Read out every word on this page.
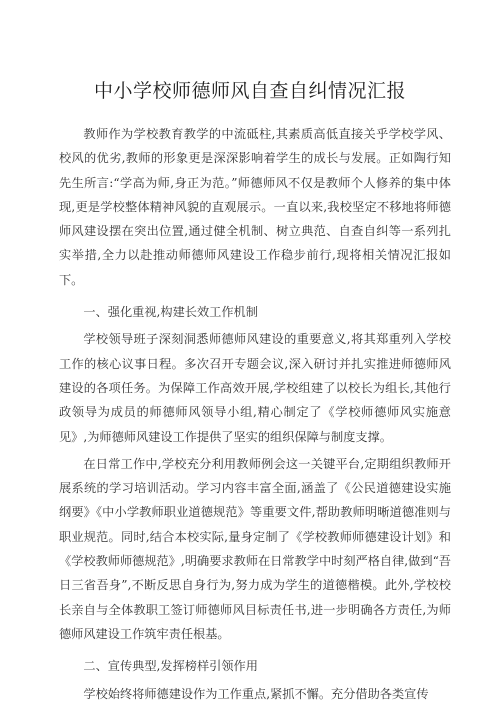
中小学校师德师风自查自纠情况汇报

教师作为学校教育教学的中流砥柱,其素质高低直接关乎学校学风、校风的优劣,教师的形象更是深深影响着学生的成长与发展。正如陶行知先生所言:“学高为师,身正为范。”师德师风不仅是教师个人修养的集中体现,更是学校整体精神风貌的直观展示。一直以来,我校坚定不移地将师德师风建设摆在突出位置,通过健全机制、树立典范、自查自纠等一系列扎实举措,全力以赴推动师德师风建设工作稳步前行,现将相关情况汇报如下。

一、强化重视,构建长效工作机制

学校领导班子深刻洞悉师德师风建设的重要意义,将其郑重列入学校工作的核心议事日程。多次召开专题会议,深入研讨并扎实推进师德师风建设的各项任务。为保障工作高效开展,学校组建了以校长为组长,其他行政领导为成员的师德师风领导小组,精心制定了《学校师德师风实施意见》,为师德师风建设工作提供了坚实的组织保障与制度支撑。

在日常工作中,学校充分利用教师例会这一关键平台,定期组织教师开展系统的学习培训活动。学习内容丰富全面,涵盖了《公民道德建设实施纲要》《中小学教师职业道德规范》等重要文件,帮助教师明晰道德准则与职业规范。同时,结合本校实际,量身定制了《学校教师师德建设计划》和《学校教师师德规范》,明确要求教师在日常教学中时刻严格自律,做到“吾日三省吾身”,不断反思自身行为,努力成为学生的道德楷模。此外,学校校长亲自与全体教职工签订师德师风目标责任书,进一步明确各方责任,为师德师风建设工作筑牢责任根基。

二、宣传典型,发挥榜样引领作用

学校始终将师德建设作为工作重点,紧抓不懈。充分借助各类宣传
